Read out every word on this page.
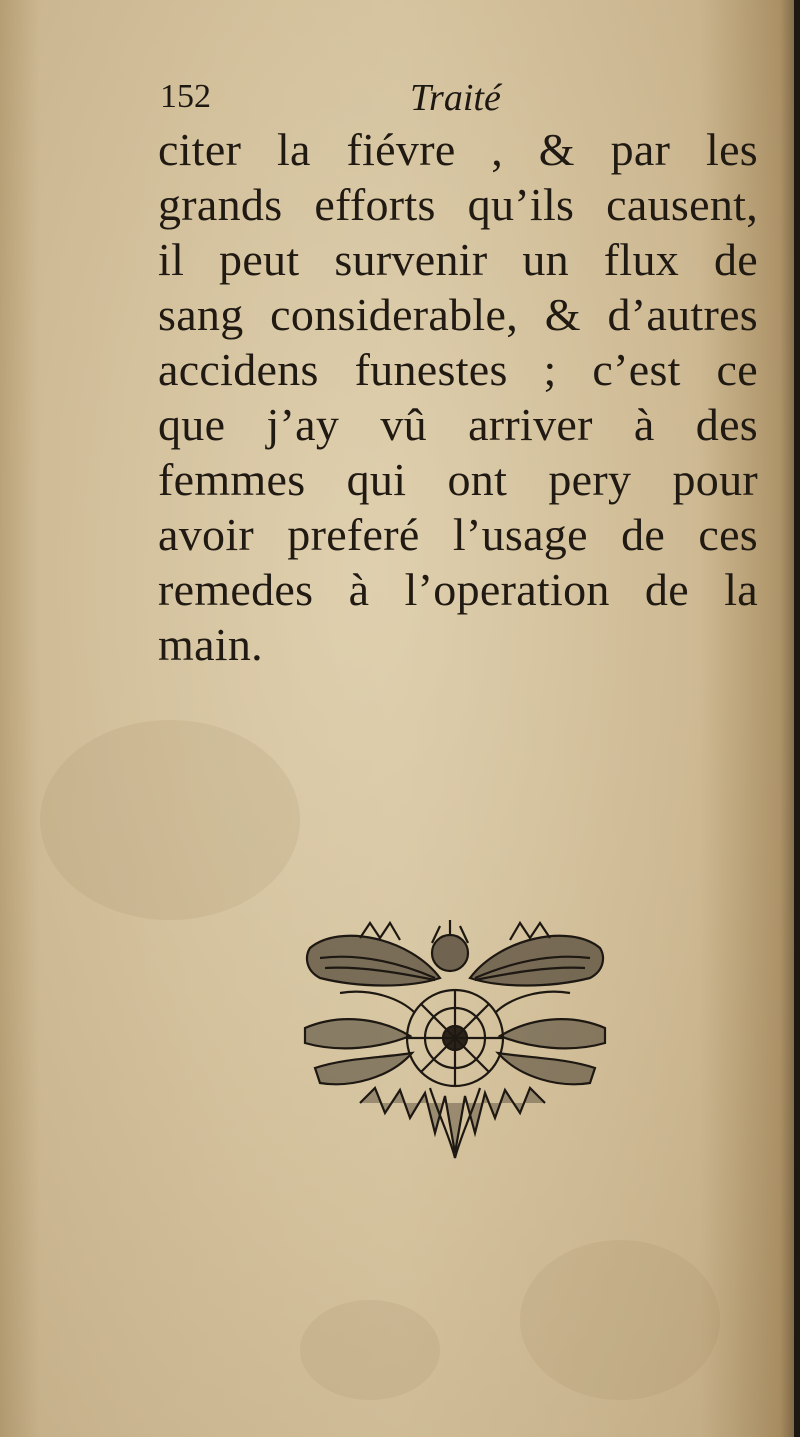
152	Traité
citer la fiévre , & par les
grands efforts qu’ils causent,
il peut survenir un flux de
sang considerable, & d’autres
accidens funestes ; c’est ce
que j’ay vû arriver à des
femmes qui ont pery pour
avoir preferé l’usage de ces
remedes à l’operation de la
main.
